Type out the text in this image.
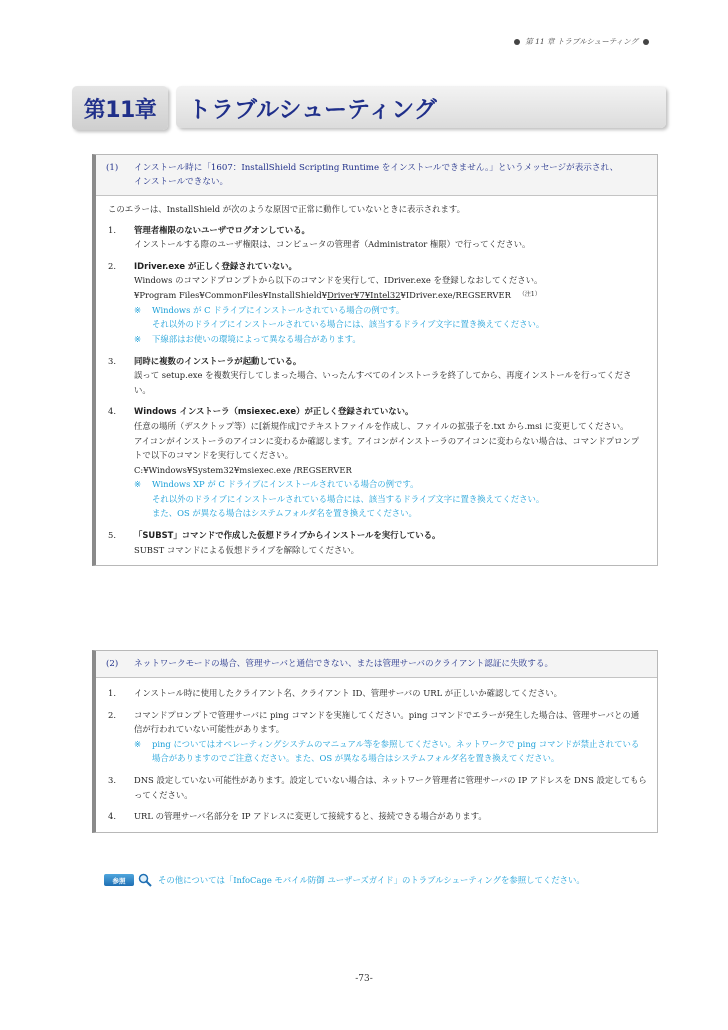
第 11 章 トラブルシューティング
第11章	トラブルシューティング
(1)	インストール時に「1607：InstallShield Scripting Runtime をインストールできません。」というメッセージが表示され、
インストールできない。
このエラーは、InstallShield が次のような原因で正常に動作していないときに表示されます。
1.	管理者権限のないユーザでログオンしている。
インストールする際のユーザ権限は、コンピュータの管理者（Administrator 権限）で行ってください。
2.	IDriver.exe が正しく登録されていない。
Windows のコマンドプロンプトから以下のコマンドを実行して、IDriver.exe を登録しなおしてください。
¥Program Files¥CommonFiles¥InstallShield¥Driver¥7¥Intel32¥IDriver.exe/REGSERVER （注1）
※	Windows が C ドライブにインストールされている場合の例です。
それ以外のドライブにインストールされている場合には、該当するドライブ文字に置き換えてください。
※	下線部はお使いの環境によって異なる場合があります。
3.	同時に複数のインストーラが起動している。
誤って setup.exe を複数実行してしまった場合、いったんすべてのインストーラを終了してから、再度インストールを行ってください。
4.	Windows インストーラ（msiexec.exe）が正しく登録されていない。
任意の場所（デスクトップ等）に[新規作成]でテキストファイルを作成し、ファイルの拡張子を.txt から.msi に変更してください。
アイコンがインストーラのアイコンに変わるか確認します。アイコンがインストーラのアイコンに変わらない場合は、コマンドプロンプトで以下のコマンドを実行してください。
C:¥Windows¥System32¥msiexec.exe /REGSERVER
※	Windows XP が C ドライブにインストールされている場合の例です。
それ以外のドライブにインストールされている場合には、該当するドライブ文字に置き換えてください。
また、OS が異なる場合はシステムフォルダ名を置き換えてください。
5.	「SUBST」コマンドで作成した仮想ドライブからインストールを実行している。
SUBST コマンドによる仮想ドライブを解除してください。
(2)	ネットワークモードの場合、管理サーバと通信できない、または管理サーバのクライアント認証に失敗する。
1.	インストール時に使用したクライアント名、クライアント ID、管理サーバの URL が正しいか確認してください。
2.	コマンドプロンプトで管理サーバに ping コマンドを実施してください。ping コマンドでエラーが発生した場合は、管理サーバとの通信が行われていない可能性があります。
※	ping についてはオペレーティングシステムのマニュアル等を参照してください。ネットワークで ping コマンドが禁止されている場合がありますのでご注意ください。また、OS が異なる場合はシステムフォルダ名を置き換えてください。
3.	DNS 設定していない可能性があります。設定していない場合は、ネットワーク管理者に管理サーバの IP アドレスを DNS 設定してもらってください。
4.	URL の管理サーバ名部分を IP アドレスに変更して接続すると、接続できる場合があります。
参照	その他については「InfoCage モバイル防御 ユーザーズガイド」のトラブルシューティングを参照してください。
-73-
